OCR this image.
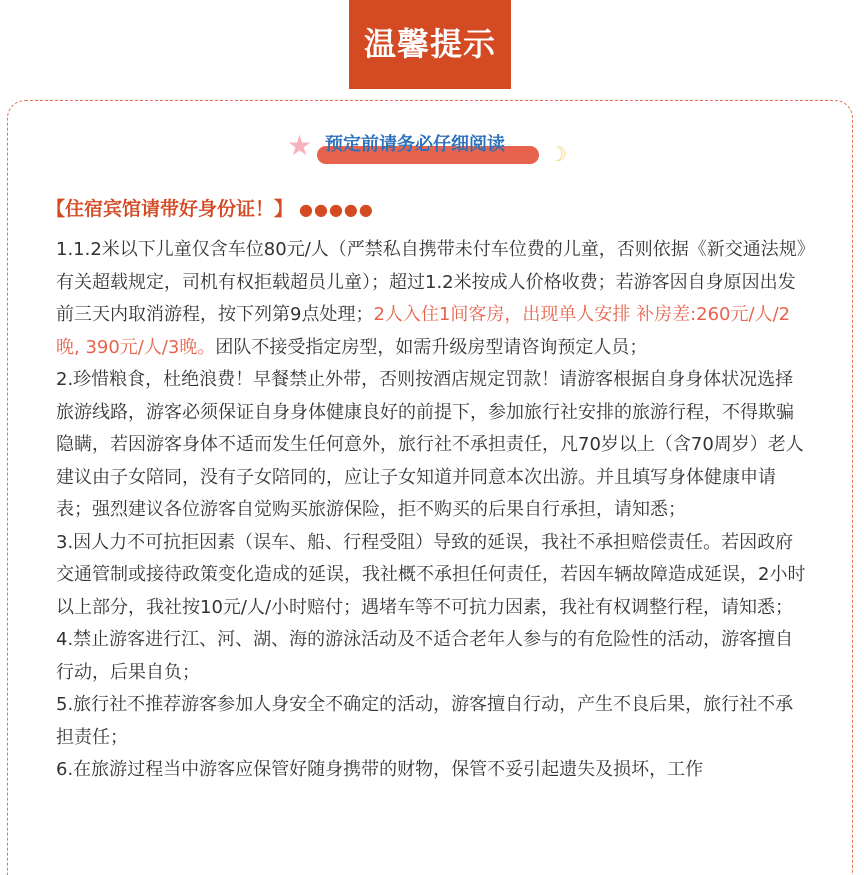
温馨提示
★ 预定前请务必仔细阅读	☽
【住宿宾馆请带好身份证！】 ●●●●●

1.1.2米以下儿童仅含车位80元/人（严禁私自携带未付车位费的儿童，否则依据《新交通法规》有关超载规定，司机有权拒载超员儿童）；超过1.2米按成人价格收费；若游客因自身原因出发前三天内取消游程，按下列第9点处理；2人入住1间客房，出现单人安排 补房差:260元/人/2晚, 390元/人/3晚。团队不接受指定房型，如需升级房型请咨询预定人员；

2.珍惜粮食，杜绝浪费！早餐禁止外带，否则按酒店规定罚款！请游客根据自身身体状况选择旅游线路，游客必须保证自身身体健康良好的前提下，参加旅行社安排的旅游行程，不得欺骗隐瞒，若因游客身体不适而发生任何意外，旅行社不承担责任，凡70岁以上（含70周岁）老人建议由子女陪同，没有子女陪同的，应让子女知道并同意本次出游。并且填写身体健康申请表；强烈建议各位游客自觉购买旅游保险，拒不购买的后果自行承担，请知悉；

3.因人力不可抗拒因素（误车、船、行程受阻）导致的延误，我社不承担赔偿责任。若因政府交通管制或接待政策变化造成的延误，我社概不承担任何责任，若因车辆故障造成延误，2小时以上部分，我社按10元/人/小时赔付；遇堵车等不可抗力因素，我社有权调整行程，请知悉；

4.禁止游客进行江、河、湖、海的游泳活动及不适合老年人参与的有危险性的活动，游客擅自行动，后果自负；

5.旅行社不推荐游客参加人身安全不确定的活动，游客擅自行动，产生不良后果，旅行社不承担责任；

6.在旅游过程当中游客应保管好随身携带的财物，保管不妥引起遗失及损坏，工作
